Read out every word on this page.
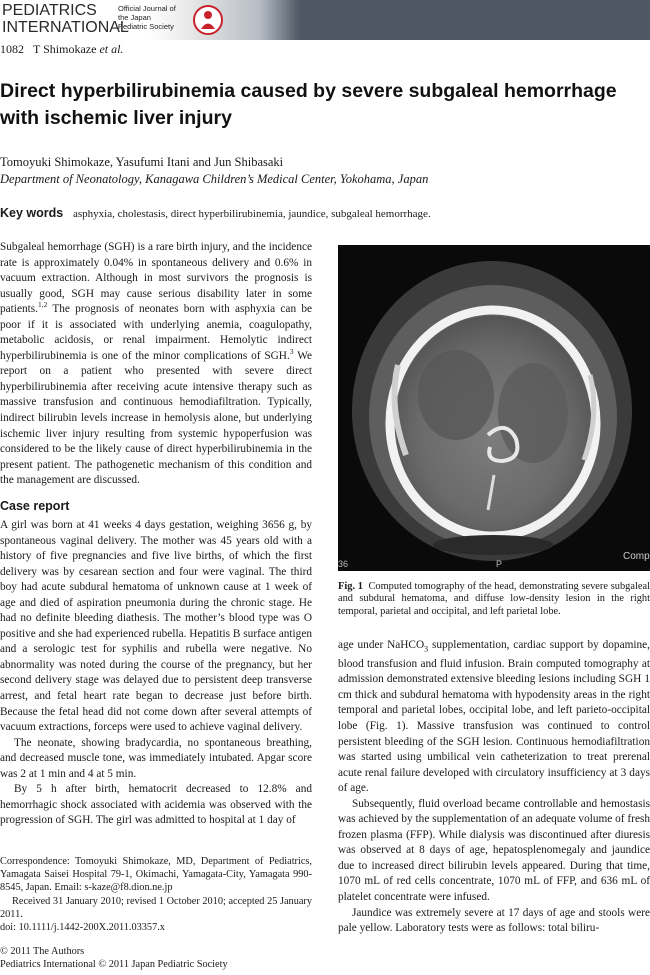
PEDIATRICS
INTERNATIONAL
Official Journal of
the Japan
Pediatric Society
1082 T Shimokaze et al.
Direct hyperbilirubinemia caused by severe subgaleal hemorrhage with ischemic liver injury
Tomoyuki Shimokaze, Yasufumi Itani and Jun Shibasaki
Department of Neonatology, Kanagawa Children’s Medical Center, Yokohama, Japan
Key words asphyxia, cholestasis, direct hyperbilirubinemia, jaundice, subgaleal hemorrhage.

Subgaleal hemorrhage (SGH) is a rare birth injury, and the incidence rate is approximately 0.04% in spontaneous delivery and 0.6% in vacuum extraction. Although in most survivors the prognosis is usually good, SGH may cause serious disability later in some patients.$^{1,2}$ The prognosis of neonates born with asphyxia can be poor if it is associated with underlying anemia, coagulopathy, metabolic acidosis, or renal impairment. Hemolytic indirect hyperbilirubinemia is one of the minor complications of SGH.$^3$ We report on a patient who presented with severe direct hyperbilirubinemia after receiving acute intensive therapy such as massive transfusion and continuous hemodiafiltration. Typically, indirect bilirubin levels increase in hemolysis alone, but underlying ischemic liver injury resulting from systemic hypoperfusion was considered to be the likely cause of direct hyperbilirubinemia in the present patient. The pathogenetic mechanism of this condition and the management are discussed.

Case report

A girl was born at 41 weeks 4 days gestation, weighing 3656 g, by spontaneous vaginal delivery. The mother was 45 years old with a history of five pregnancies and five live births, of which the first delivery was by cesarean section and four were vaginal. The third boy had acute subdural hematoma of unknown cause at 1 week of age and died of aspiration pneumonia during the chronic stage. He had no definite bleeding diathesis. The mother’s blood type was O positive and she had experienced rubella. Hepatitis B surface antigen and a serologic test for syphilis and rubella were negative. No abnormality was noted during the course of the pregnancy, but her second delivery stage was delayed due to persistent deep transverse arrest, and fetal heart rate began to decrease just before birth. Because the fetal head did not come down after several attempts of vacuum extractions, forceps were used to achieve vaginal delivery.

The neonate, showing bradycardia, no spontaneous breathing, and decreased muscle tone, was immediately intubated. Apgar score was 2 at 1 min and 4 at 5 min.

By 5 h after birth, hematocrit decreased to 12.8% and hemorrhagic shock associated with acidemia was observed with the progression of SGH. The girl was admitted to hospital at 1 day of

Correspondence: Tomoyuki Shimokaze, MD, Department of Pediatrics, Yamagata Saisei Hospital 79-1, Okimachi, Yamagata-City, Yamagata 990-8545, Japan. Email: s-kaze@f8.dion.ne.jp
Received 31 January 2010; revised 1 October 2010; accepted 25 January 2011.
doi: 10.1111/j.1442-200X.2011.03357.x
© 2011 The Authors
Pediatrics International © 2011 Japan Pediatric Society
36	P
Comp
Fig. 1 Computed tomography of the head, demonstrating severe subgaleal and subdural hematoma, and diffuse low-density lesion in the right temporal, parietal and occipital, and left parietal lobe.

age under NaHCO$_3$ supplementation, cardiac support by dopamine, blood transfusion and fluid infusion. Brain computed tomography at admission demonstrated extensive bleeding lesions including SGH 1 cm thick and subdural hematoma with hypodensity areas in the right temporal and parietal lobes, occipital lobe, and left parieto-occipital lobe (Fig. 1). Massive transfusion was continued to control persistent bleeding of the SGH lesion. Continuous hemodiafiltration was started using umbilical vein catheterization to treat prerenal acute renal failure developed with circulatory insufficiency at 3 days of age.

Subsequently, fluid overload became controllable and hemostasis was achieved by the supplementation of an adequate volume of fresh frozen plasma (FFP). While dialysis was discontinued after diuresis was observed at 8 days of age, hepatosplenomegaly and jaundice due to increased direct bilirubin levels appeared. During that time, 1070 mL of red cells concentrate, 1070 mL of FFP, and 636 mL of platelet concentrate were infused.

Jaundice was extremely severe at 17 days of age and stools were pale yellow. Laboratory tests were as follows: total biliru-
